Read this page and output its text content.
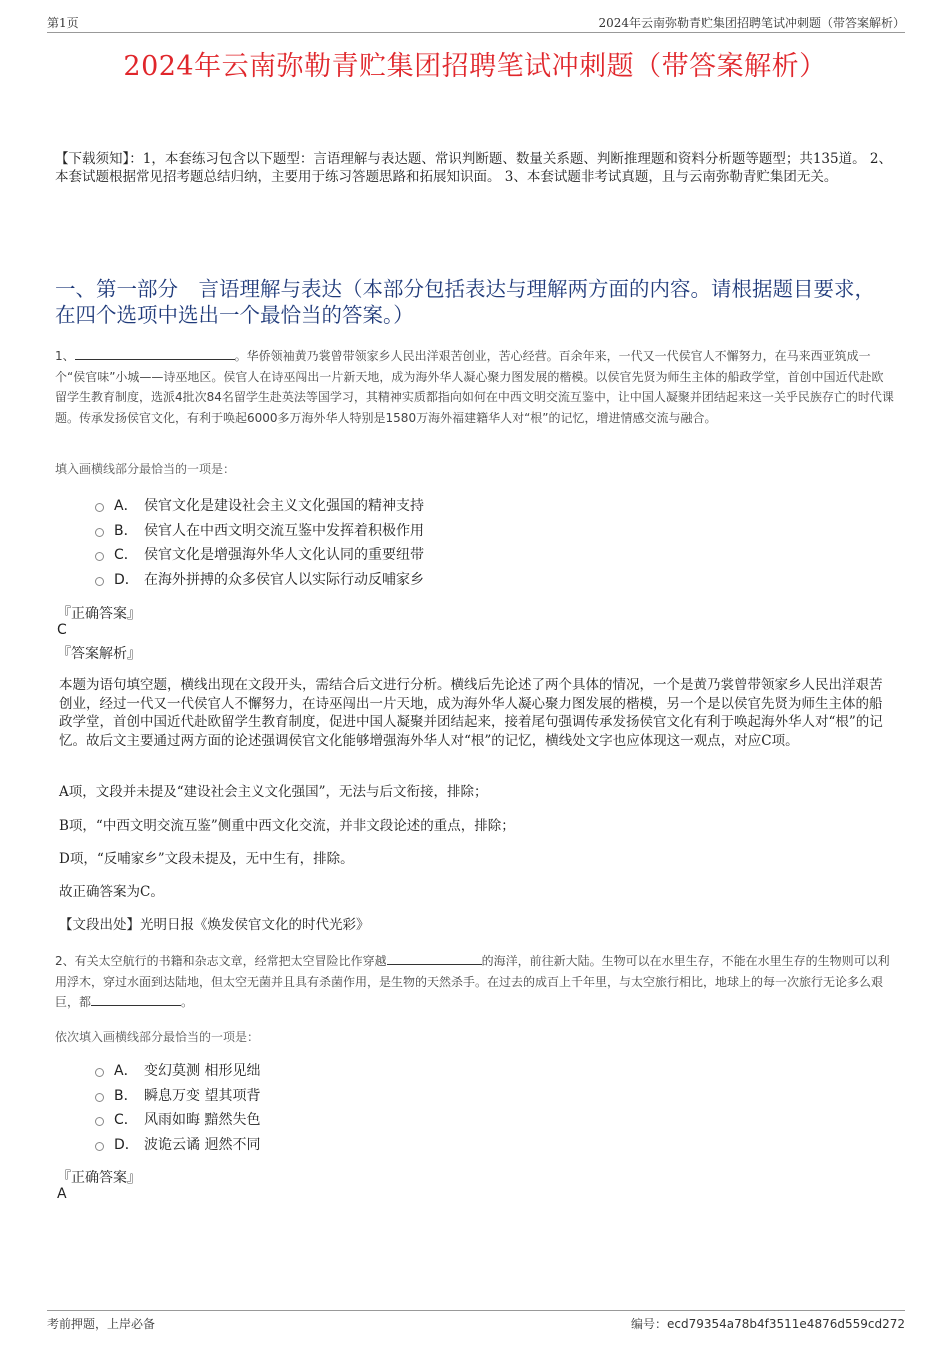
第1页	2024年云南弥勒青贮集团招聘笔试冲刺题（带答案解析）
2024年云南弥勒青贮集团招聘笔试冲刺题（带答案解析）
【下载须知】：1，本套练习包含以下题型：言语理解与表达题、常识判断题、数量关系题、判断推理题和资料分析题等题型；共135道。 2、本套试题根据常见招考题总结归纳，主要用于练习答题思路和拓展知识面。 3、本套试题非考试真题，且与云南弥勒青贮集团无关。
一、第一部分　言语理解与表达（本部分包括表达与理解两方面的内容。请根据题目要求，在四个选项中选出一个最恰当的答案。）
1、	。华侨领袖黄乃裳曾带领家乡人民出洋艰苦创业，苦心经营。百余年来，一代又一代侯官人不懈努力，在马来西亚筑成一个“侯官味”小城——诗巫地区。侯官人在诗巫闯出一片新天地，成为海外华人凝心聚力图发展的楷模。以侯官先贤为师生主体的船政学堂，首创中国近代赴欧留学生教育制度，选派4批次84名留学生赴英法等国学习，其精神实质都指向如何在中西文明交流互鉴中，让中国人凝聚并团结起来这一关乎民族存亡的时代课题。传承发扬侯官文化，有利于唤起6000多万海外华人特别是1580万海外福建籍华人对“根”的记忆，增进情感交流与融合。
填入画横线部分最恰当的一项是：
A． 侯官文化是建设社会主义文化强国的精神支持
B． 侯官人在中西文明交流互鉴中发挥着积极作用
C． 侯官文化是增强海外华人文化认同的重要纽带
D． 在海外拼搏的众多侯官人以实际行动反哺家乡
『正确答案』
C
『答案解析』
本题为语句填空题，横线出现在文段开头，需结合后文进行分析。横线后先论述了两个具体的情况，一个是黄乃裳曾带领家乡人民出洋艰苦创业，经过一代又一代侯官人不懈努力，在诗巫闯出一片天地，成为海外华人凝心聚力图发展的楷模，另一个是以侯官先贤为师生主体的船政学堂，首创中国近代赴欧留学生教育制度，促进中国人凝聚并团结起来，接着尾句强调传承发扬侯官文化有利于唤起海外华人对“根”的记忆。故后文主要通过两方面的论述强调侯官文化能够增强海外华人对“根”的记忆，横线处文字也应体现这一观点，对应C项。
A项，文段并未提及“建设社会主义文化强国”，无法与后文衔接，排除；
B项，“中西文明交流互鉴”侧重中西文化交流，并非文段论述的重点，排除；
D项，“反哺家乡”文段未提及，无中生有，排除。
故正确答案为C。
【文段出处】光明日报《焕发侯官文化的时代光彩》
2、有关太空航行的书籍和杂志文章，经常把太空冒险比作穿越	的海洋，前往新大陆。生物可以在水里生存，不能在水里生存的生物则可以利用浮木，穿过水面到达陆地，但太空无菌并且具有杀菌作用，是生物的天然杀手。在过去的成百上千年里，与太空旅行相比，地球上的每一次旅行无论多么艰巨，都	。
依次填入画横线部分最恰当的一项是：
A． 变幻莫测 相形见绌
B． 瞬息万变 望其项背
C． 风雨如晦 黯然失色
D． 波诡云谲 迥然不同
『正确答案』
A
考前押题，上岸必备	编号：ecd79354a78b4f3511e4876d559cd272
